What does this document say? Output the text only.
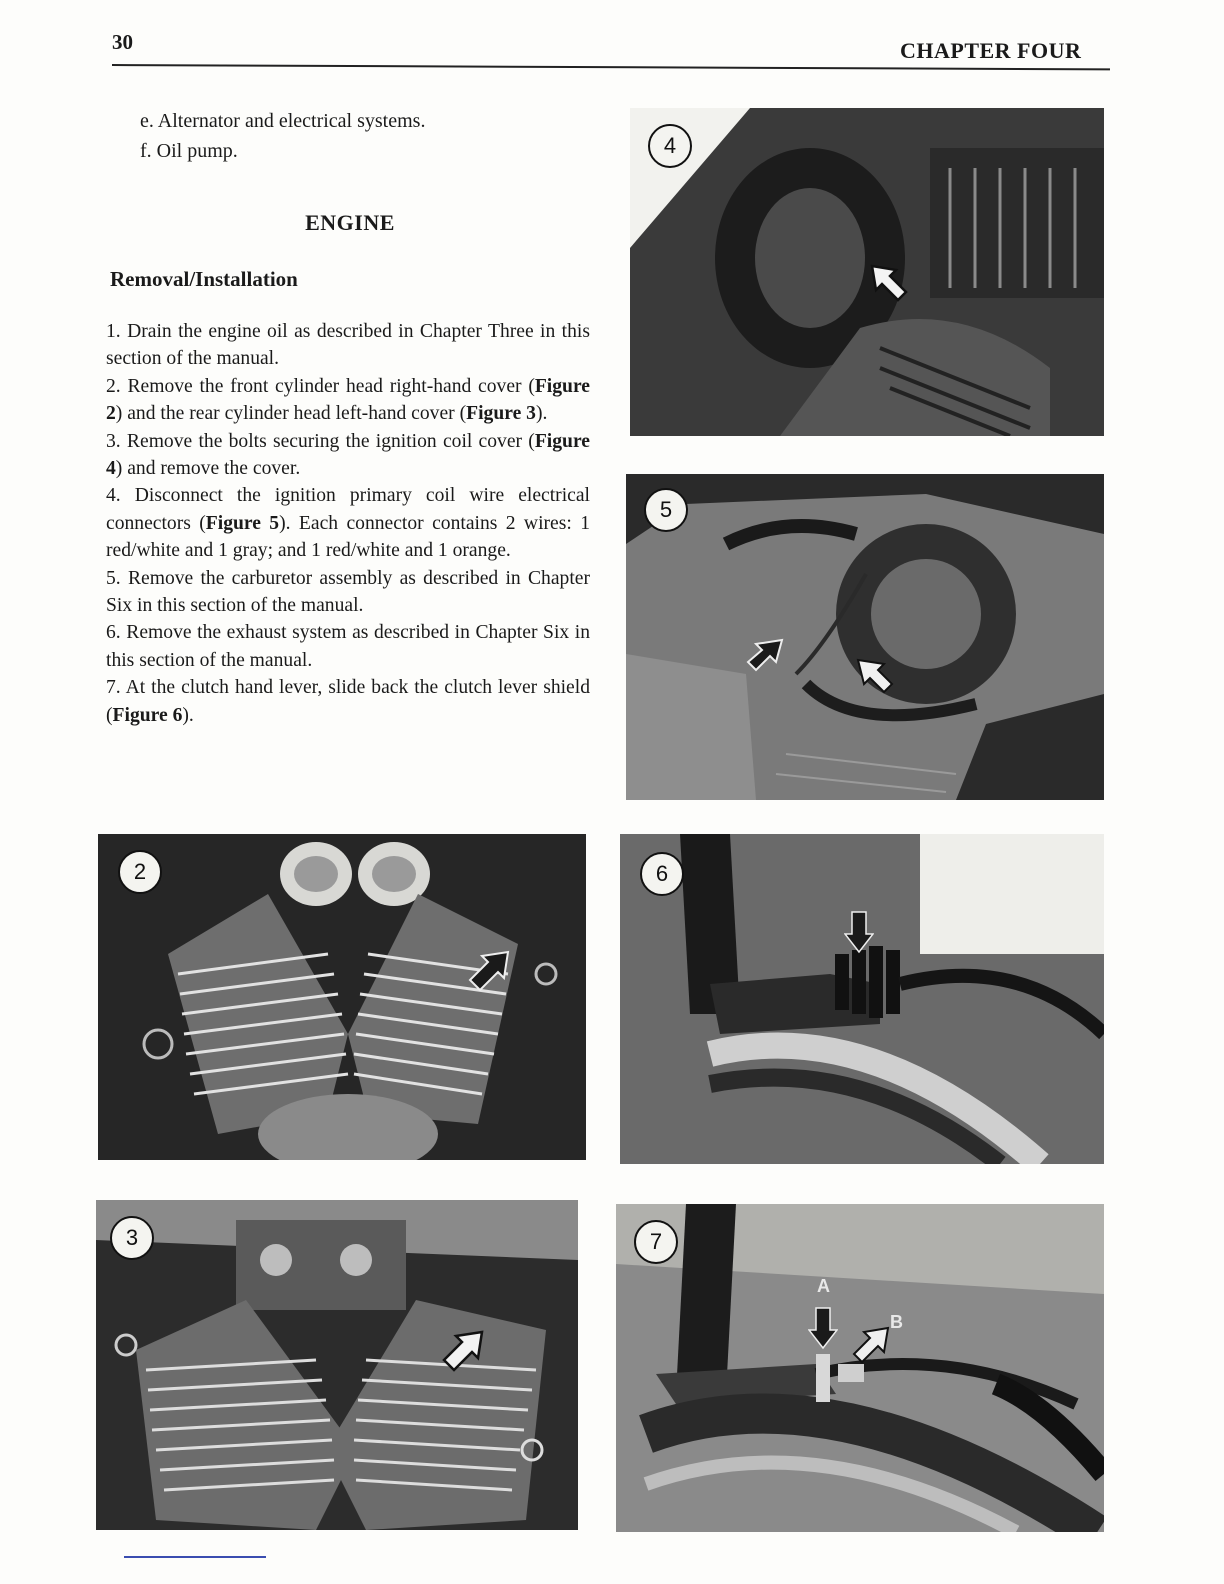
30	CHAPTER FOUR
e. Alternator and electrical systems.
f. Oil pump.
ENGINE
Removal/Installation

1. Drain the engine oil as described in Chapter Three in this section of the manual.

2. Remove the front cylinder head right-hand cover (Figure 2) and the rear cylinder head left-hand cover (Figure 3).

3. Remove the bolts securing the ignition coil cover (Figure 4) and remove the cover.

4. Disconnect the ignition primary coil wire electrical connectors (Figure 5). Each connector contains 2 wires: 1 red/white and 1 gray; and 1 red/white and 1 orange.

5. Remove the carburetor assembly as described in Chapter Six in this section of the manual.

6. Remove the exhaust system as described in Chapter Six in this section of the manual.

7. At the clutch hand lever, slide back the clutch lever shield (Figure 6).

4
5
2	6
3
A
B
7
